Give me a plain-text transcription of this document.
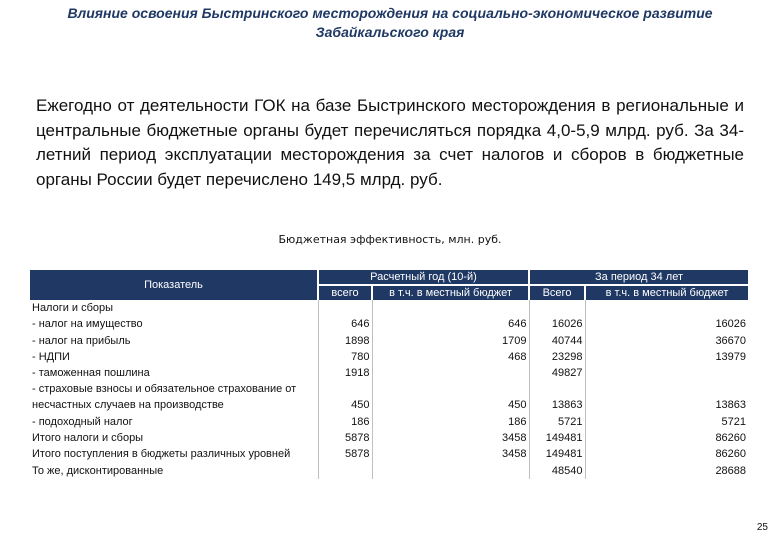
Влияние освоения Быстринского месторождения на социально-экономическое развитие
Забайкальского края
Ежегодно от деятельности ГОК на базе Быстринского месторождения в региональные и центральные бюджетные органы будет перечисляться порядка 4,0-5,9 млрд. руб. За 34-летний период эксплуатации месторождения за счет налогов и сборов в бюджетные органы России будет перечислено 149,5 млрд. руб.
Бюджетная эффективность, млн. руб.
Показатель	Расчетный год (10-й)		За период 34 лет	
	всего	в т.ч. в местный бюджет	Всего	в т.ч. в местный бюджет
Налоги и сборы				
- налог на имущество	646	646	16026	16026
- налог на прибыль	1898	1709	40744	36670
- НДПИ	780	468	23298	13979
- таможенная пошлина	1918		49827	
- страховые взносы и обязательное страхование от несчастных случаев на производстве	450	450	13863	13863
- подоходный налог	186	186	5721	5721
Итого налоги и сборы	5878	3458	149481	86260
Итого поступления в бюджеты различных уровней	5878	3458	149481	86260
То же, дисконтированные			48540	28688
25
